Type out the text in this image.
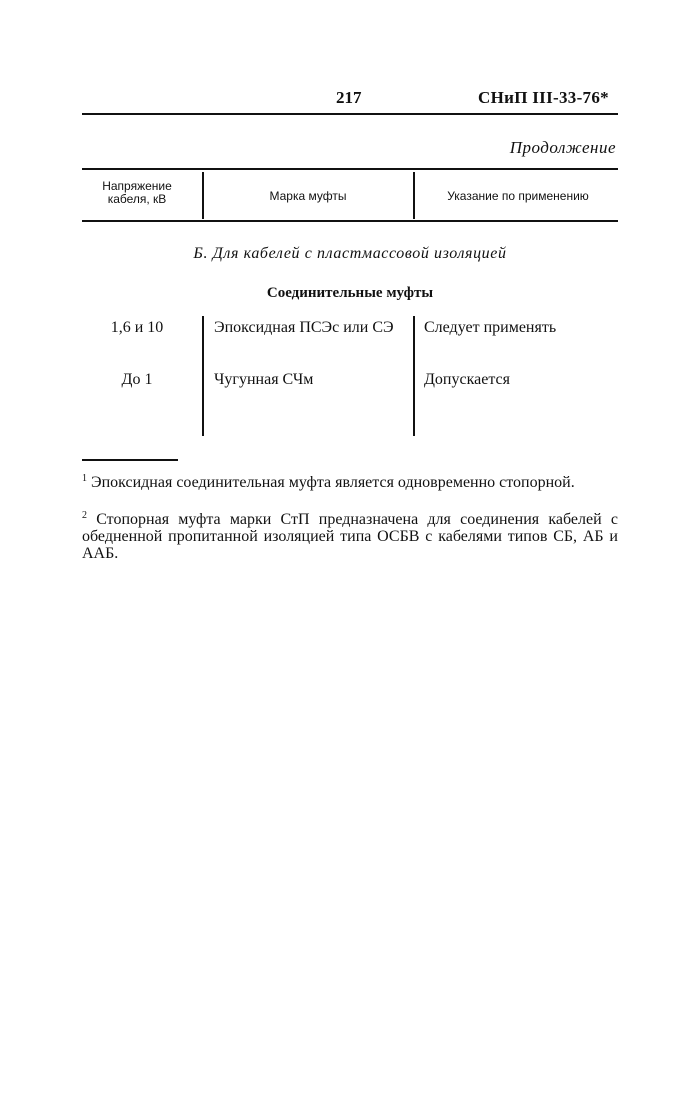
217	СНиП III-33-76*
Продолжение
Напряжение
кабеля, кВ	Марка муфты	Указание по применению
Б. Для кабелей с пластмассовой изоляцией
Соединительные муфты
1,6 и 10	Эпоксидная ПСЭс или СЭ	Следует применять
До 1	Чугунная СЧм	Допускается
$^1$ Эпоксидная соединительная муфта является одновременно стопорной.
$^2$ Стопорная муфта марки СтП предназначена для соединения кабелей с обедненной пропитанной изоляцией типа ОСБВ с кабелями типов СБ, АБ и ААБ.
